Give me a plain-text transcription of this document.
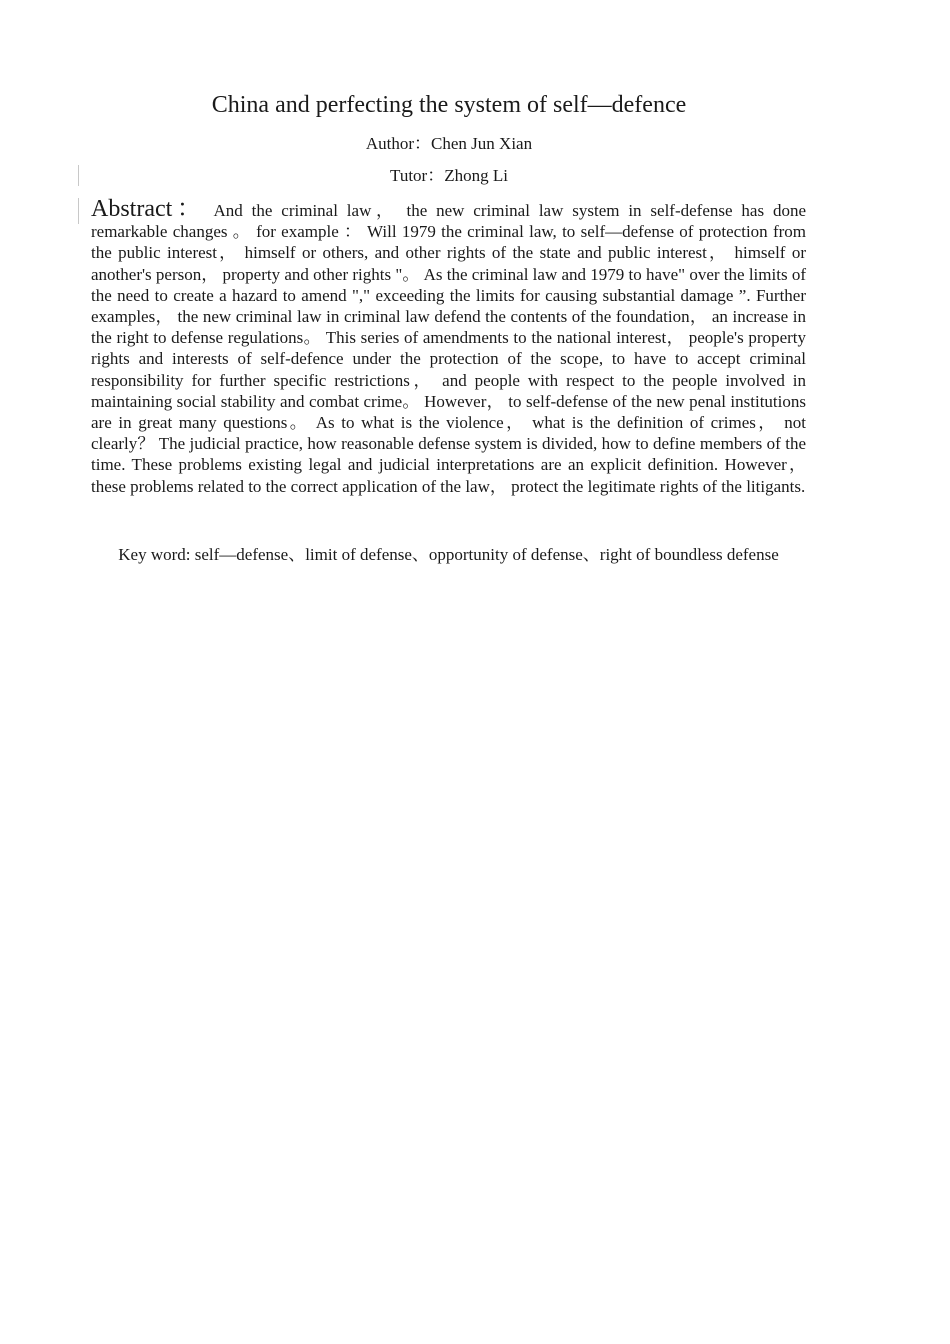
China and perfecting the system of self—defence
Author：Chen Jun Xian
Tutor：Zhong Li

Abstract： And the criminal law， the new criminal law system in self-defense has done remarkable changes 。 for example ： Will 1979 the criminal law, to self—defense of protection from the public interest， himself or others, and other rights of the state and public interest， himself or another's person， property and other rights "。 As the criminal law and 1979 to have" over the limits of the need to create a hazard to amend "," exceeding the limits for causing substantial damage ”. Further examples， the new criminal law in criminal law defend the contents of the foundation， an increase in the right to defense regulations。 This series of amendments to the national interest， people's property rights and interests of self-defence under the protection of the scope, to have to accept criminal responsibility for further specific restrictions， and people with respect to the people involved in maintaining social stability and combat crime。 However， to self-defense of the new penal institutions are in great many questions。 As to what is the violence， what is the definition of crimes， not clearly？ The judicial practice, how reasonable defense system is divided, how to define members of the time. These problems existing legal and judicial interpretations are an explicit definition. However， these problems related to the correct application of the law， protect the legitimate rights of the litigants.

Key word: self—defense、limit of defense、opportunity of defense、right of boundless defense
